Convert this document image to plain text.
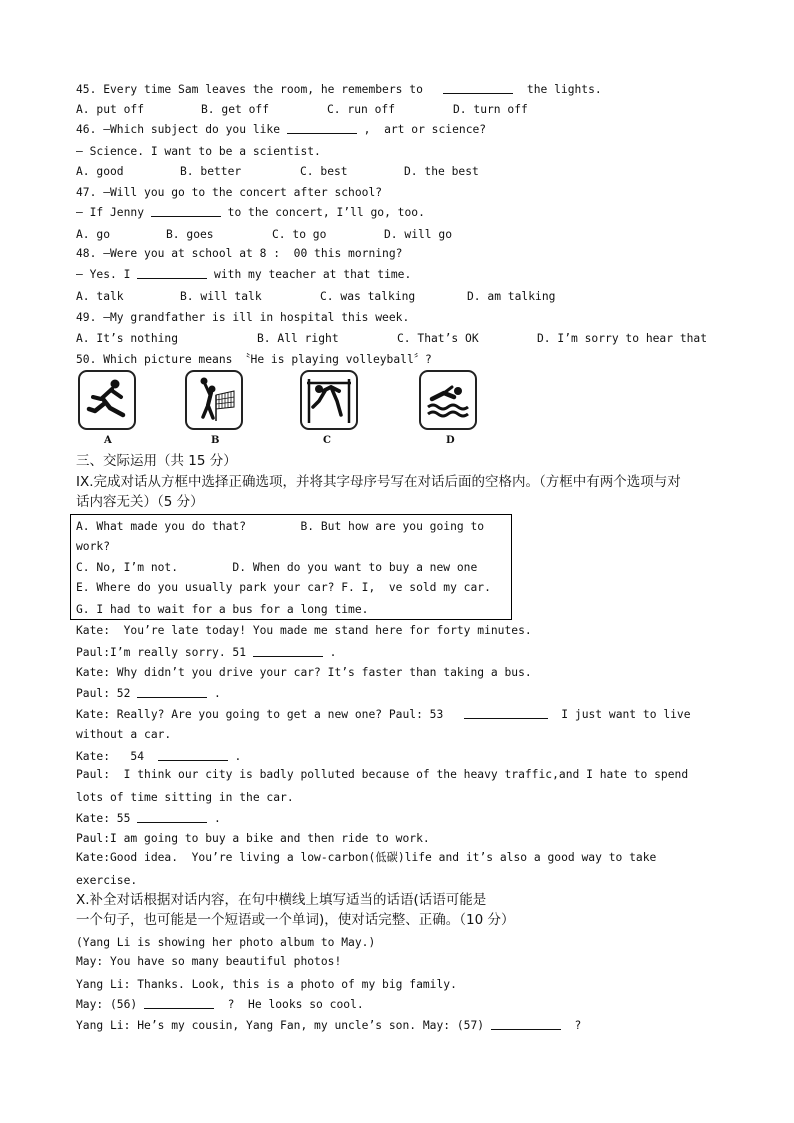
45. Every time Sam leaves the room, he remembers to	the lights.
A. put off	B. get off	C. run off	D. turn off
46. —Which subject do you like	,  art or science?
— Science. I want to be a scientist.
A. good	B. better	C. best	D. the best
47. —Will you go to the concert after school?
— If Jenny	to the concert, I’ll go, too.
A. go	B. goes	C. to go	D. will go
48. —Were you at school at 8 :  00 this morning?
— Yes. I	with my teacher at that time.
A. talk	B. will talk	C. was talking	D. am talking
49. —My grandfather is ill in hospital this week.
A. It’s nothing	B. All right	C. That’s OK	D. I’m sorry to hear that
50. Which picture means 〝He is playing volleyball〞?
A	B	C	D
三、交际运用（共 15 分）
IX.完成对话从方框中选择正确选项，并将其字母序号写在对话后面的空格内。（方框中有两个选项与对
话内容无关）（5 分）
A. What made you do that?        B. But how are you going to
work?
C. No, I’m not.        D. When do you want to buy a new one
E. Where do you usually park your car? F. I,  ve sold my car.
G. I had to wait for a bus for a long time.
Kate:  You’re late today! You made me stand here for forty minutes.
Paul:I’m really sorry. 51	.
Kate: Why didn’t you drive your car? It’s faster than taking a bus.
Paul: 52	.
Kate: Really? Are you going to get a new one? Paul: 53	I just want to live
without a car.
Kate:   54	.
Paul:  I think our city is badly polluted because of the heavy traffic,and I hate to spend
lots of time sitting in the car.
Kate: 55	.
Paul:I am going to buy a bike and then ride to work.
Kate:Good idea.  You’re living a low-carbon(低碳)life and it’s also a good way to take
exercise.
X.补全对话根据对话内容，在句中横线上填写适当的话语(话语可能是
一个句子，也可能是一个短语或一个单词)，使对话完整、正确。（10 分）
(Yang Li is showing her photo album to May.)
May: You have so many beautiful photos!
Yang Li: Thanks. Look, this is a photo of my big family.
May: (56)	?  He looks so cool.
Yang Li: He’s my cousin, Yang Fan, my uncle’s son. May: (57)	?
